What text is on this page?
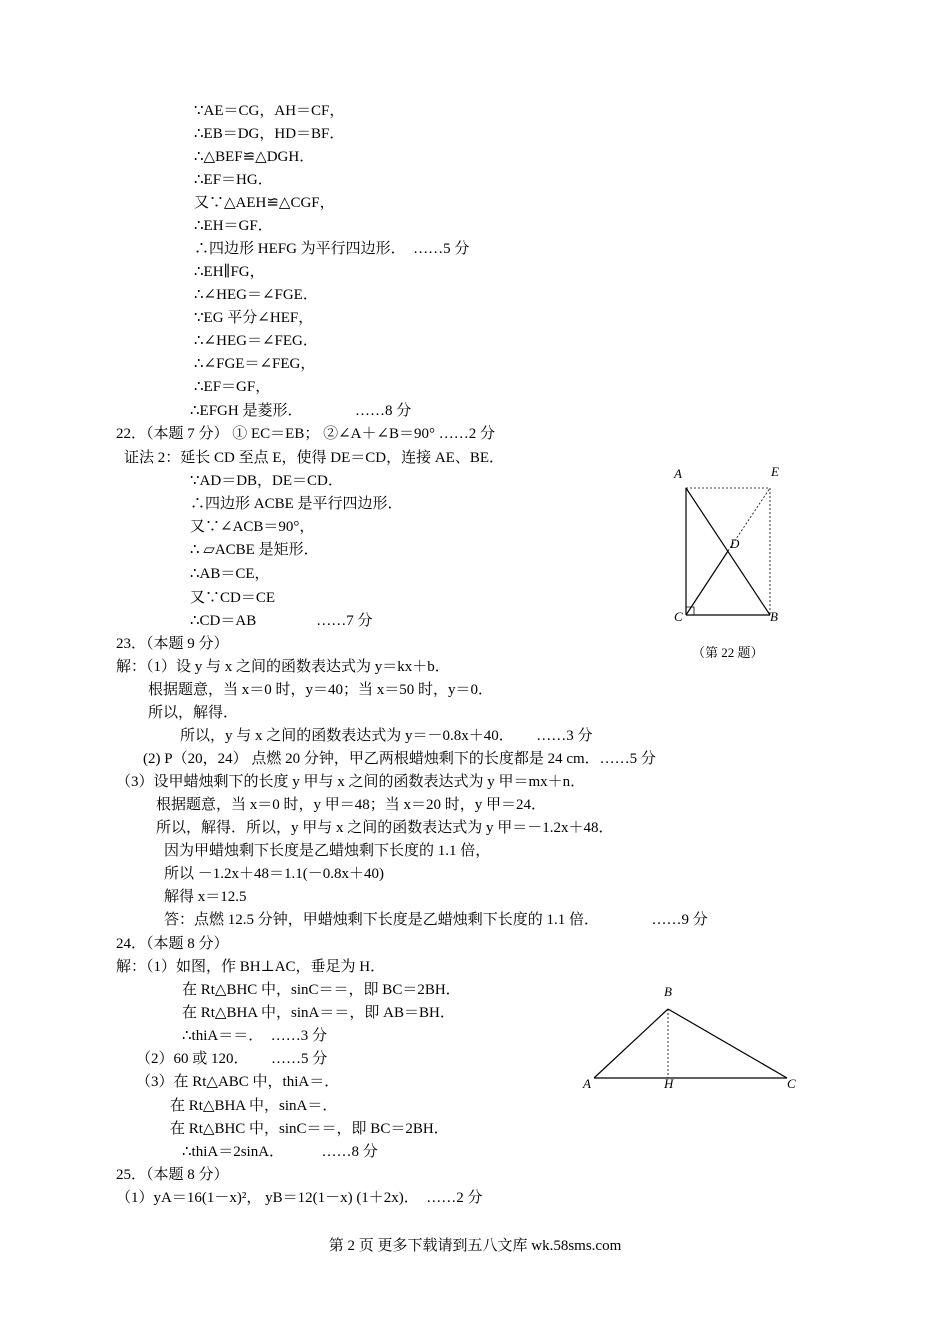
∵AE＝CG，AH＝CF，
∴EB＝DG，HD＝BF．
∴△BEF≌△DGH．
∴EF＝HG．
又∵△AEH≌△CGF，
∴EH＝GF．
∴四边形 HEFG 为平行四边形．　……5 分
∴EH∥FG，
∴∠HEG＝∠FGE．
∵EG 平分∠HEF，
∴∠HEG＝∠FEG．
∴∠FGE＝∠FEG，
∴EF＝GF，
∴EFGH 是菱形．　　　　……8 分
22．（本题 7 分） ① EC＝EB； ②∠A＋∠B＝90° ……2 分
证法 2：延长 CD 至点 E，使得 DE＝CD，连接 AE、BE．
∵AD＝DB，DE＝CD．
∴四边形 ACBE 是平行四边形．
又∵∠ACB＝90°，
∴ ▱ACBE 是矩形．
∴AB＝CE，
又∵CD＝CE
∴CD＝AB　　　　……7 分
23．（本题 9 分）
解：（1）设 y 与 x 之间的函数表达式为 y＝kx＋b．
根据题意，当 x＝0 时，y＝40；当 x＝50 时，y＝0．
所以，解得．
所以，y 与 x 之间的函数表达式为 y＝－0.8x＋40．　　……3 分
(2) P（20，24） 点燃 20 分钟，甲乙两根蜡烛剩下的长度都是 24 cm．……5 分
（3）设甲蜡烛剩下的长度 y 甲与 x 之间的函数表达式为 y 甲＝mx＋n．
根据题意，当 x＝0 时，y 甲＝48；当 x＝20 时，y 甲＝24．
所以，解得．所以，y 甲与 x 之间的函数表达式为 y 甲＝－1.2x＋48．
因为甲蜡烛剩下长度是乙蜡烛剩下长度的 1.1 倍，
所以 －1.2x＋48＝1.1(－0.8x＋40)
解得 x＝12.5
答：点燃 12.5 分钟，甲蜡烛剩下长度是乙蜡烛剩下长度的 1.1 倍．　　　　……9 分
24．（本题 8 分）
解：（1）如图，作 BH⊥AC，垂足为 H．
在 Rt△BHC 中，sinC＝＝，即 BC＝2BH．
在 Rt△BHA 中，sinA＝＝，即 AB＝BH．
∴thiA＝＝．　……3 分
（2）60 或 120．　　……5 分
（3）在 Rt△ABC 中，thiA＝．
在 Rt△BHA 中，sinA＝．
在 Rt△BHC 中，sinC＝＝，即 BC＝2BH．
∴thiA＝2sinA．　　　……8 分
25．（本题 8 分）
（1）yA＝16(1－x)²， yB＝12(1－x) (1＋2x)．　……2 分
A	E
D
C	B
（第 22 题）
B
A	H	C
第 2 页 更多下载请到五八文库 wk.58sms.com
